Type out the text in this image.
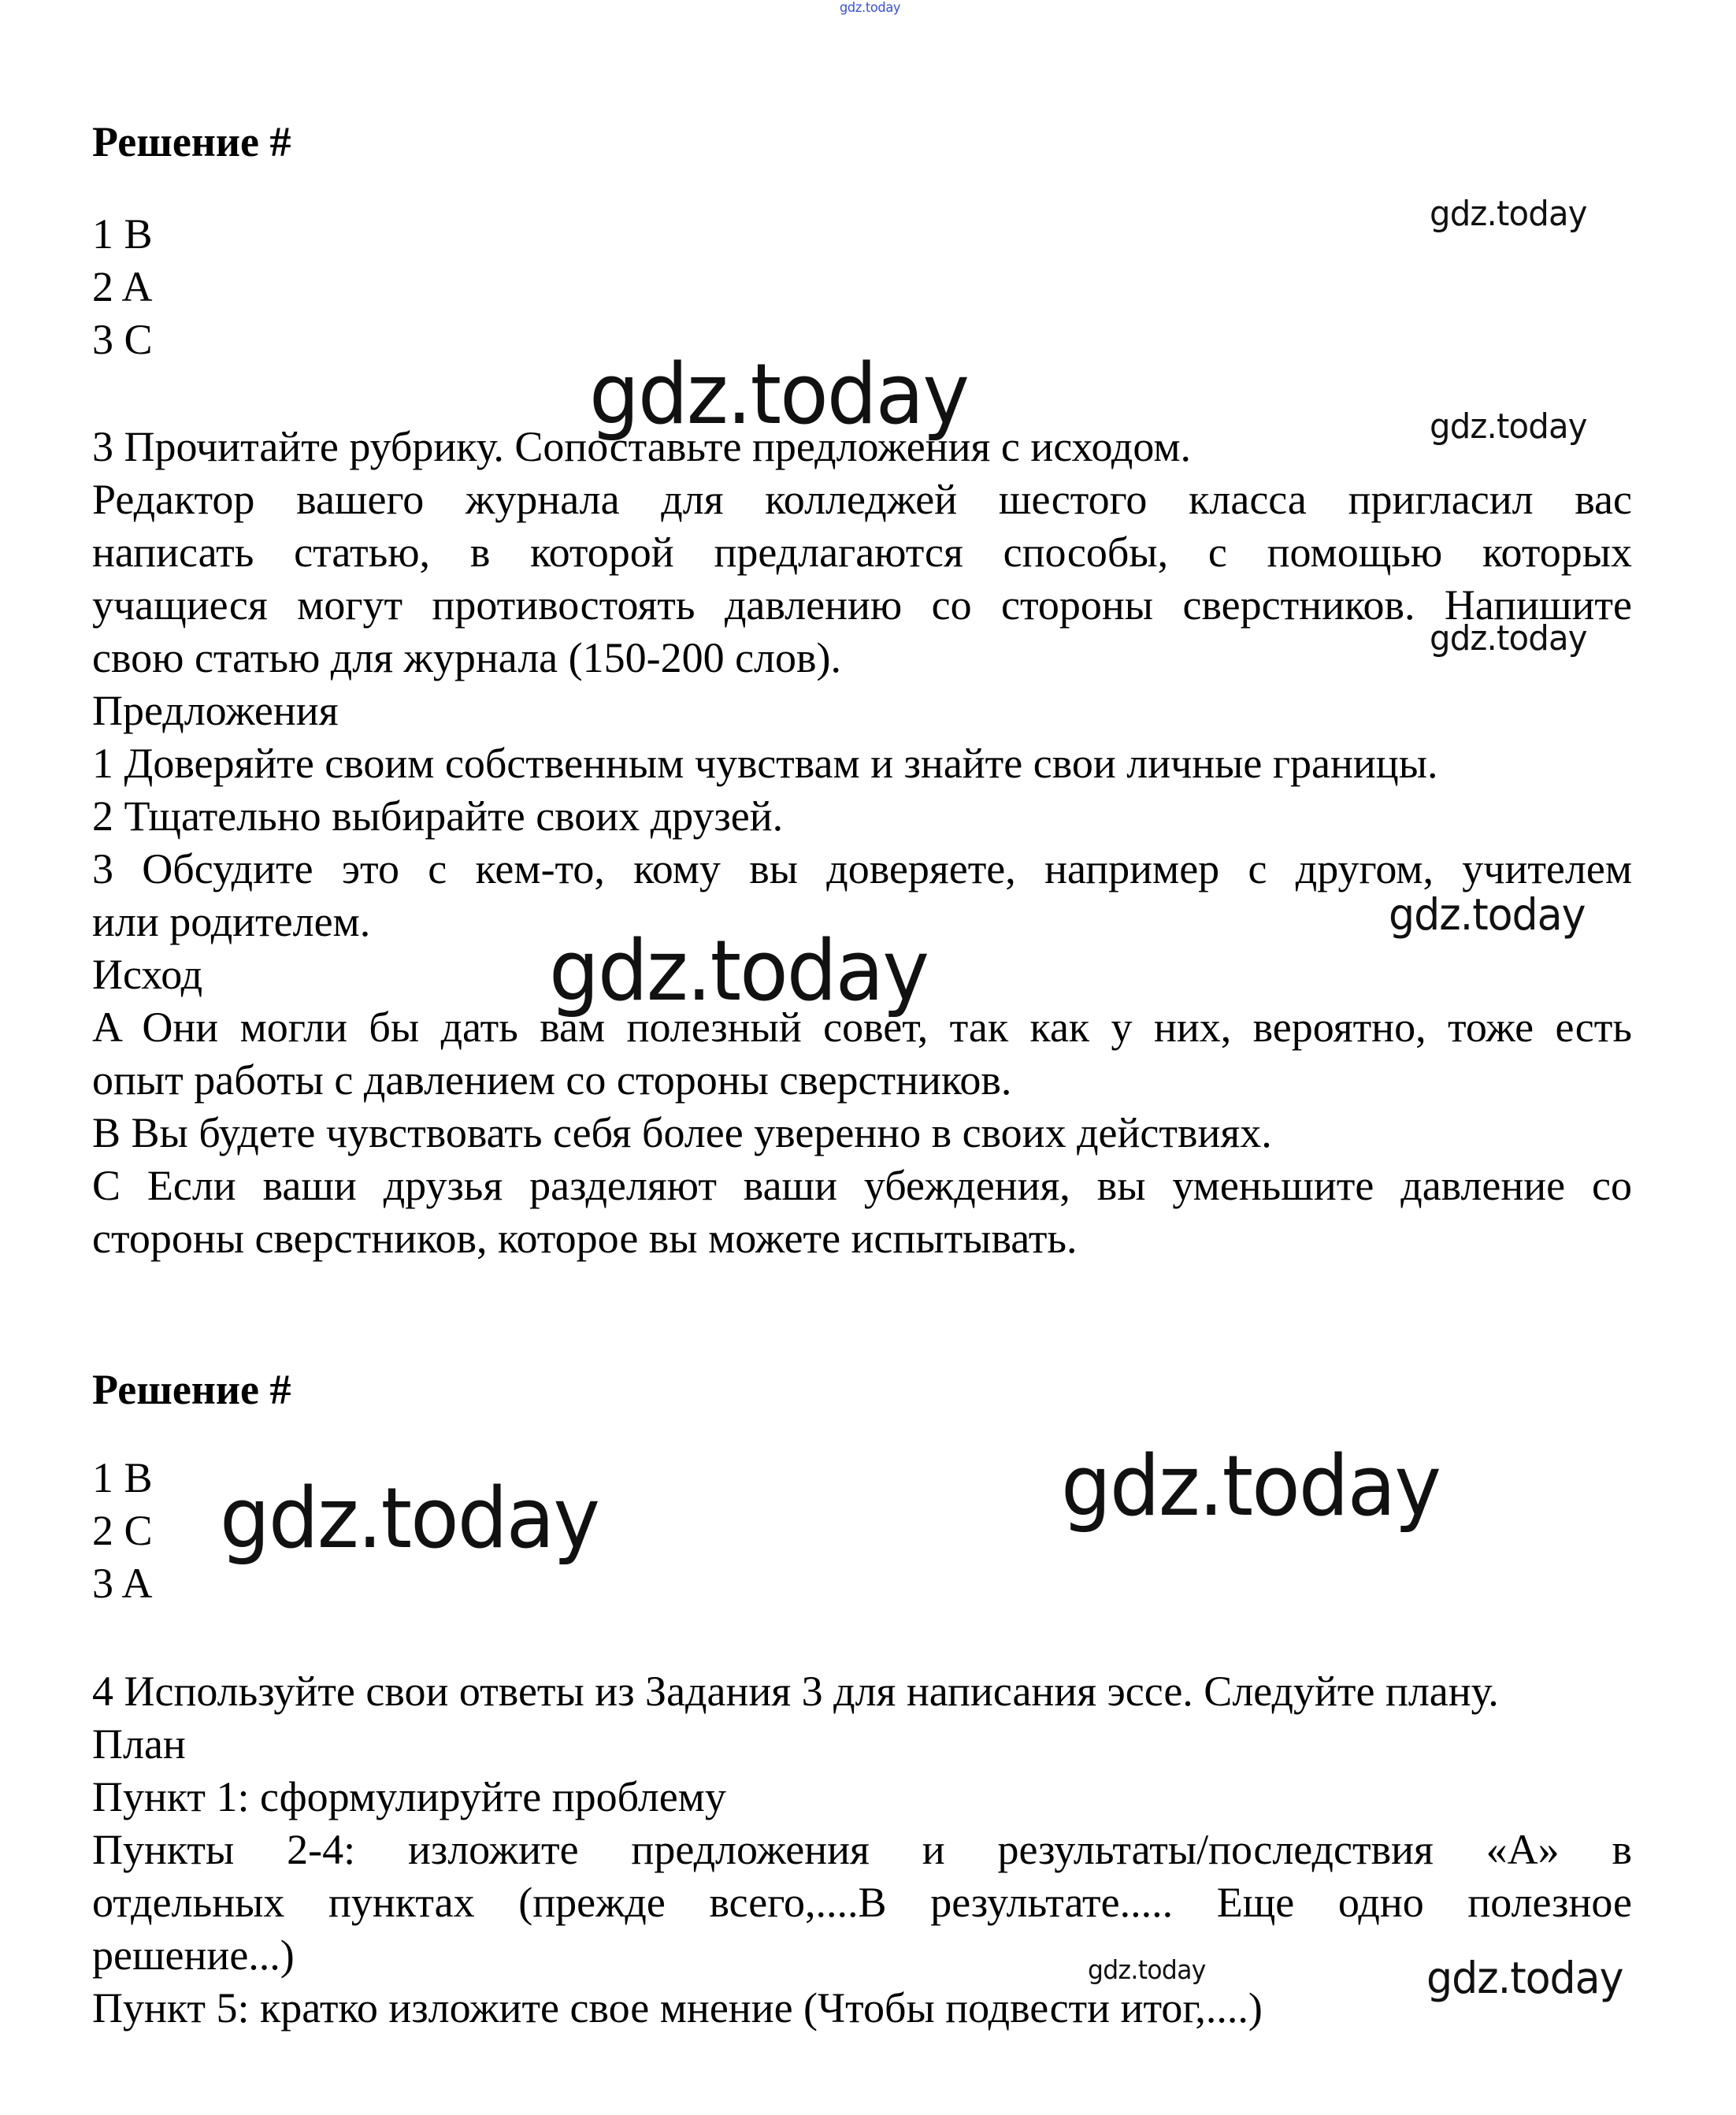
gdz.today
gdz.today
gdz.today	gdz.today
gdz.today
gdz.today
gdz.today
gdz.today
gdz.today
gdz.today	gdz.today
Решение #
1 B
2 A
3 C
3 Прочитайте рубрику. Сопоставьте предложения с исходом.
Редактор вашего журнала для колледжей шестого класса пригласил вас
написать статью, в которой предлагаются способы, с помощью которых
учащиеся могут противостоять давлению со стороны сверстников. Напишите
свою статью для журнала (150-200 слов).
Предложения
1 Доверяйте своим собственным чувствам и знайте свои личные границы.
2 Тщательно выбирайте своих друзей.
3 Обсудите это с кем-то, кому вы доверяете, например с другом, учителем
или родителем.
Исход
A Они могли бы дать вам полезный совет, так как у них, вероятно, тоже есть
опыт работы с давлением со стороны сверстников.
B Вы будете чувствовать себя более уверенно в своих действиях.
C Если ваши друзья разделяют ваши убеждения, вы уменьшите давление со
стороны сверстников, которое вы можете испытывать.
Решение #
1 B
2 C
3 A
4 Используйте свои ответы из Задания 3 для написания эссе. Следуйте плану.
План
Пункт 1: сформулируйте проблему
Пункты 2-4: изложите предложения и результаты/последствия «A» в
отдельных пунктах (прежде всего,....В результате..... Еще одно полезное
решение...)
Пункт 5: кратко изложите свое мнение (Чтобы подвести итог,....)
